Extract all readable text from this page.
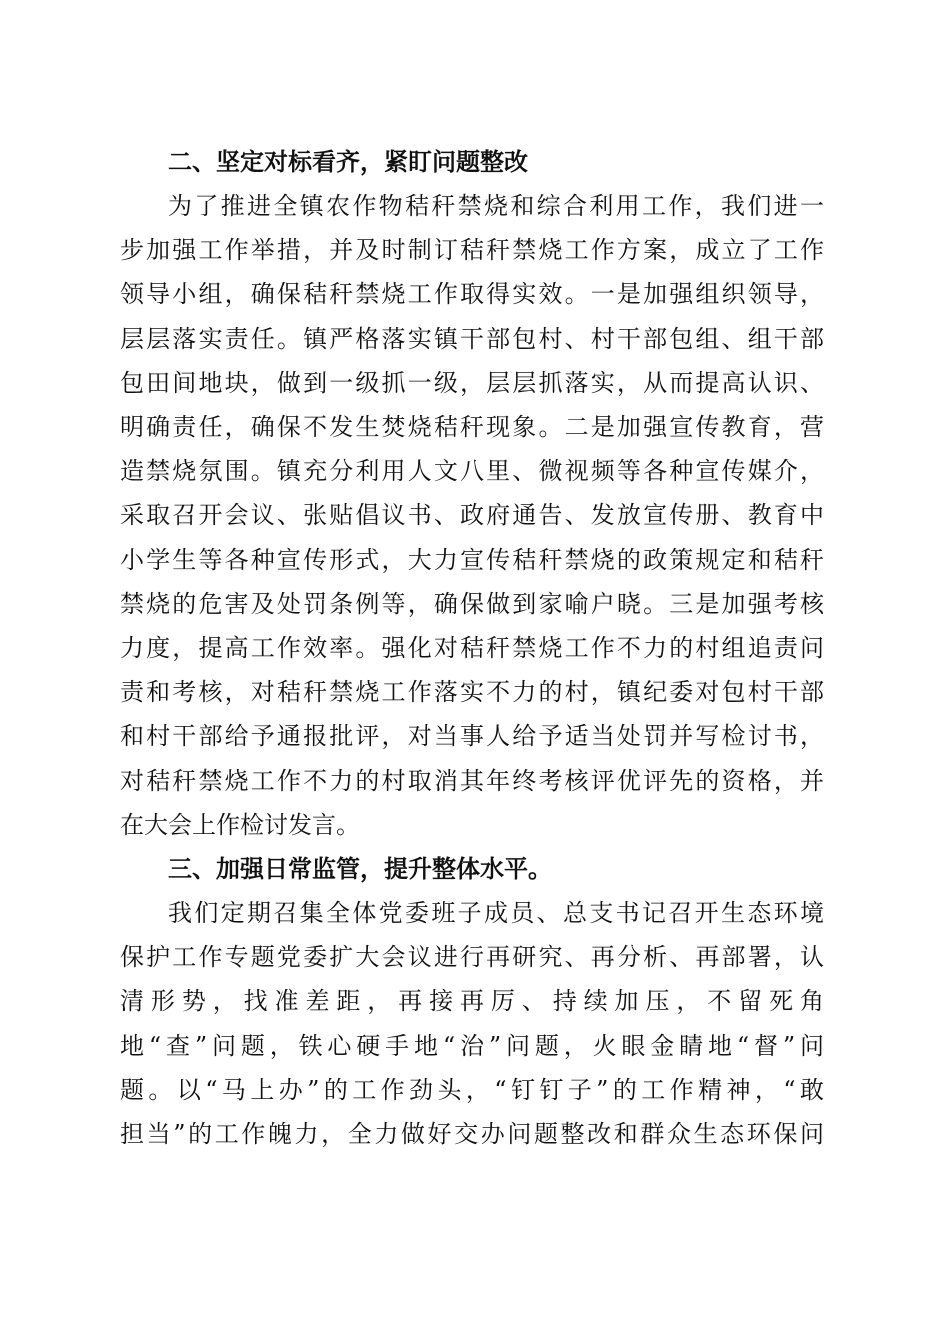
二、坚定对标看齐，紧盯问题整改

为了推进全镇农作物秸秆禁烧和综合利用工作，我们进一
步加强工作举措，并及时制订秸秆禁烧工作方案，成立了工作
领导小组，确保秸秆禁烧工作取得实效。一是加强组织领导，
层层落实责任。镇严格落实镇干部包村、村干部包组、组干部
包田间地块，做到一级抓一级，层层抓落实，从而提高认识、
明确责任，确保不发生焚烧秸秆现象。二是加强宣传教育，营
造禁烧氛围。镇充分利用人文八里、微视频等各种宣传媒介，
采取召开会议、张贴倡议书、政府通告、发放宣传册、教育中
小学生等各种宣传形式，大力宣传秸秆禁烧的政策规定和秸秆
禁烧的危害及处罚条例等，确保做到家喻户晓。三是加强考核
力度，提高工作效率。强化对秸秆禁烧工作不力的村组追责问
责和考核，对秸秆禁烧工作落实不力的村，镇纪委对包村干部
和村干部给予通报批评，对当事人给予适当处罚并写检讨书，
对秸秆禁烧工作不力的村取消其年终考核评优评先的资格，并
在大会上作检讨发言。

三、加强日常监管，提升整体水平。

我们定期召集全体党委班子成员、总支书记召开生态环境
保护工作专题党委扩大会议进行再研究、再分析、再部署，认
清形势，找准差距，再接再厉、持续加压，不留死角
地“查”问题，铁心硬手地“治”问题，火眼金睛地“督”问
题。以“马上办”的工作劲头，“钉钉子”的工作精神，“敢
担当”的工作魄力，全力做好交办问题整改和群众生态环保问
